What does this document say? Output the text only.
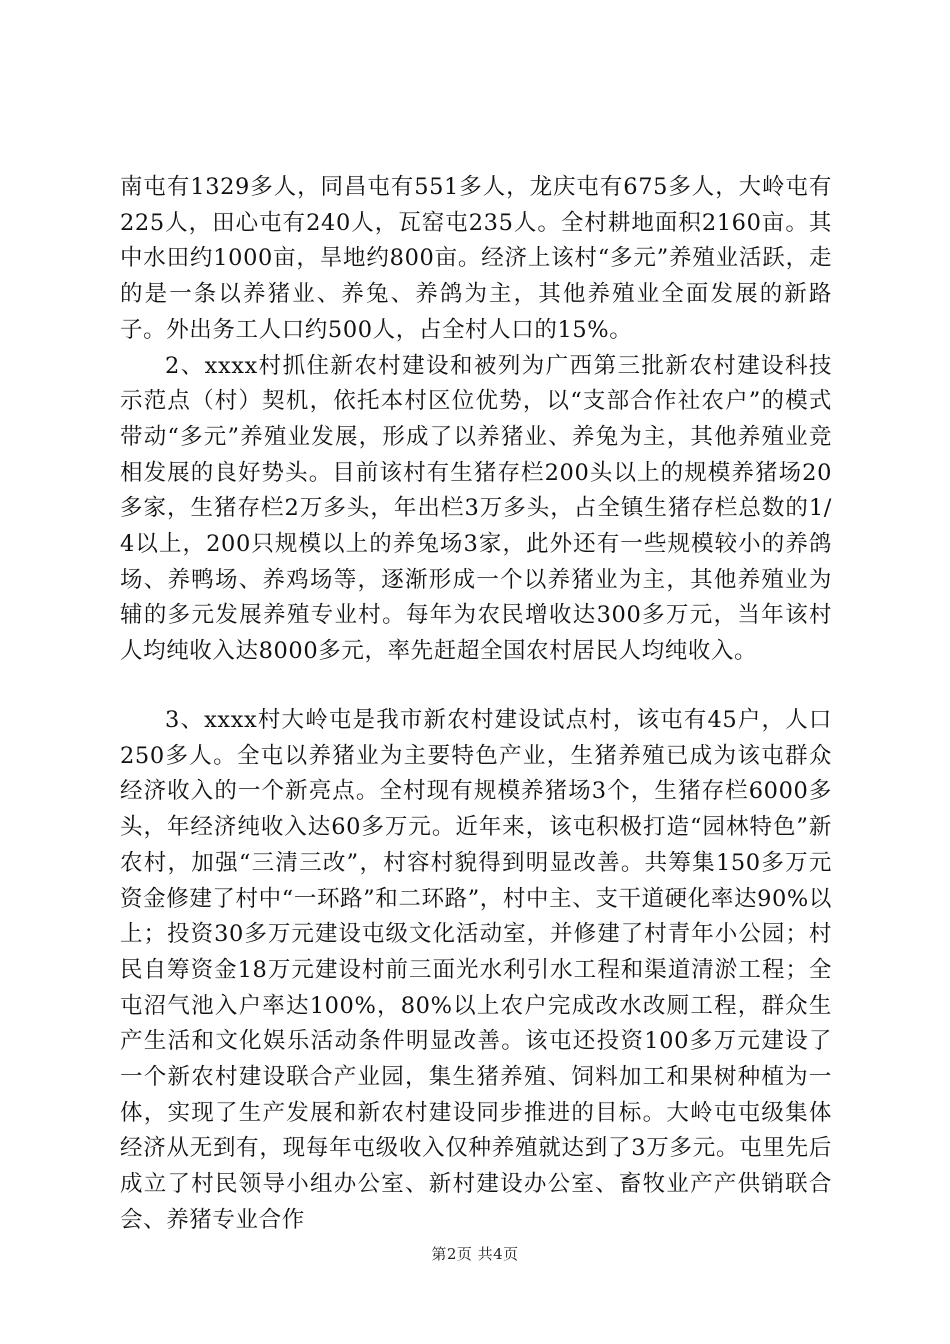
南屯有1329多人，同昌屯有551多人，龙庆屯有675多人，大岭屯有225人，田心屯有240人，瓦窑屯235人。全村耕地面积2160亩。其中水田约1000亩，旱地约800亩。经济上该村“多元”养殖业活跃，走的是一条以养猪业、养兔、养鸽为主，其他养殖业全面发展的新路子。外出务工人口约500人，占全村人口的15%。

2、xxxx村抓住新农村建设和被列为广西第三批新农村建设科技示范点（村）契机，依托本村区位优势，以“支部合作社农户”的模式带动“多元”养殖业发展，形成了以养猪业、养兔为主，其他养殖业竞相发展的良好势头。目前该村有生猪存栏200头以上的规模养猪场20多家，生猪存栏2万多头，年出栏3万多头，占全镇生猪存栏总数的1/4以上，200只规模以上的养兔场3家，此外还有一些规模较小的养鸽场、养鸭场、养鸡场等，逐渐形成一个以养猪业为主，其他养殖业为辅的多元发展养殖专业村。每年为农民增收达300多万元，当年该村人均纯收入达8000多元，率先赶超全国农村居民人均纯收入。

3、xxxx村大岭屯是我市新农村建设试点村，该屯有45户，人口250多人。全屯以养猪业为主要特色产业，生猪养殖已成为该屯群众经济收入的一个新亮点。全村现有规模养猪场3个，生猪存栏6000多头，年经济纯收入达60多万元。近年来，该屯积极打造“园林特色”新农村，加强“三清三改”，村容村貌得到明显改善。共筹集150多万元资金修建了村中“一环路”和二环路”，村中主、支干道硬化率达90%以上；投资30多万元建设屯级文化活动室，并修建了村青年小公园；村民自筹资金18万元建设村前三面光水利引水工程和渠道清淤工程；全屯沼气池入户率达100%，80%以上农户完成改水改厕工程，群众生产生活和文化娱乐活动条件明显改善。该屯还投资100多万元建设了一个新农村建设联合产业园，集生猪养殖、饲料加工和果树种植为一体，实现了生产发展和新农村建设同步推进的目标。大岭屯屯级集体经济从无到有，现每年屯级收入仅种养殖就达到了3万多元。屯里先后成立了村民领导小组办公室、新村建设办公室、畜牧业产产供销联合会、养猪专业合作

第2页 共4页
